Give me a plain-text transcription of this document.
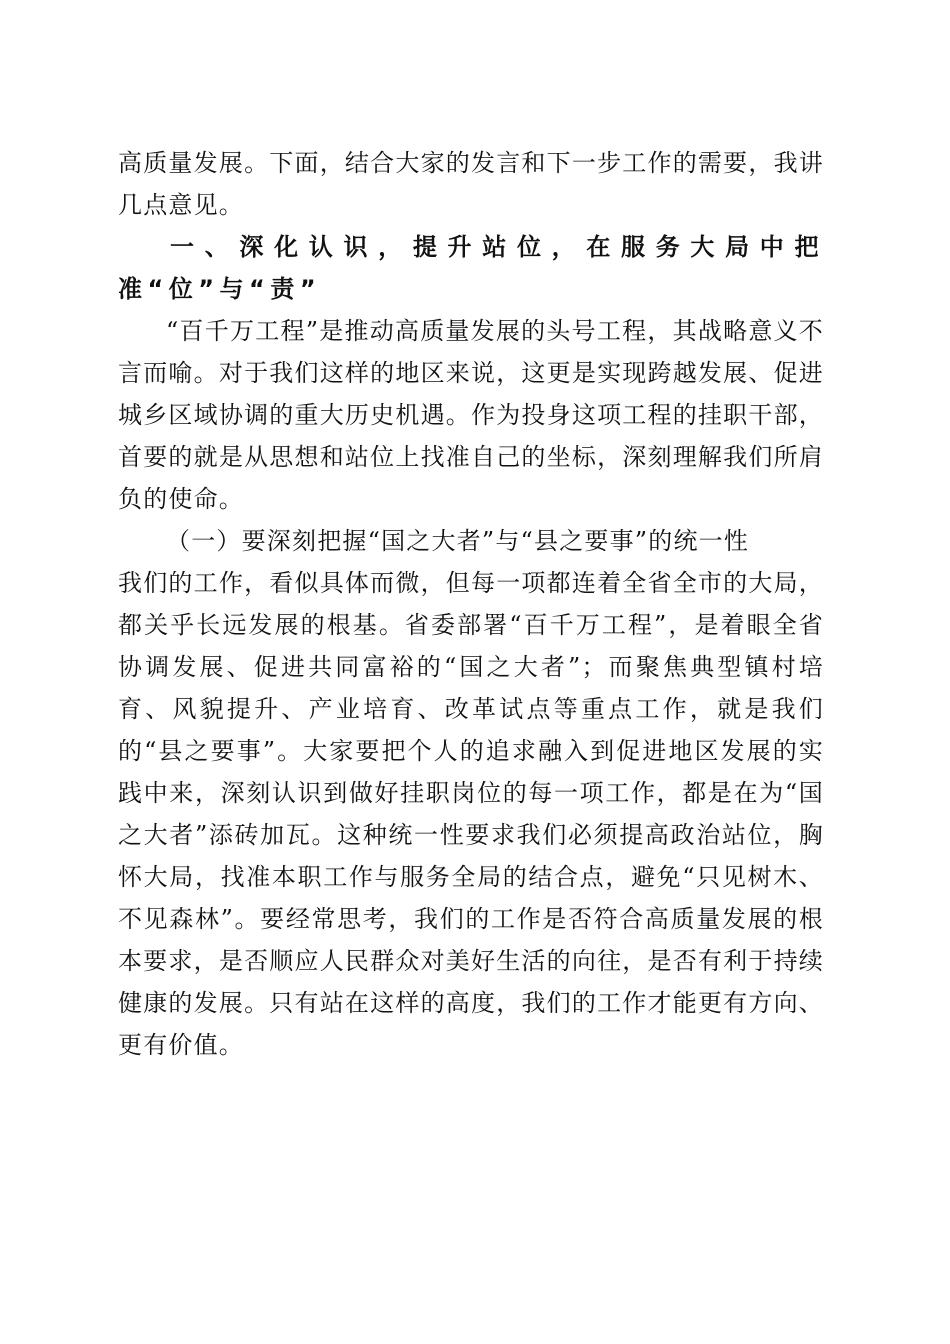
高质量发展。下面，结合大家的发言和下一步工作的需要，我讲几点意见。

一、深化认识，提升站位，在服务大局中把准“位”与“责”

“百千万工程”是推动高质量发展的头号工程，其战略意义不言而喻。对于我们这样的地区来说，这更是实现跨越发展、促进城乡区域协调的重大历史机遇。作为投身这项工程的挂职干部，首要的就是从思想和站位上找准自己的坐标，深刻理解我们所肩负的使命。

（一）要深刻把握“国之大者”与“县之要事”的统一性

我们的工作，看似具体而微，但每一项都连着全省全市的大局，都关乎长远发展的根基。省委部署“百千万工程”，是着眼全省协调发展、促进共同富裕的“国之大者”；而聚焦典型镇村培育、风貌提升、产业培育、改革试点等重点工作，就是我们的“县之要事”。大家要把个人的追求融入到促进地区发展的实践中来，深刻认识到做好挂职岗位的每一项工作，都是在为“国之大者”添砖加瓦。这种统一性要求我们必须提高政治站位，胸怀大局，找准本职工作与服务全局的结合点，避免“只见树木、不见森林”。要经常思考，我们的工作是否符合高质量发展的根本要求，是否顺应人民群众对美好生活的向往，是否有利于持续健康的发展。只有站在这样的高度，我们的工作才能更有方向、更有价值。
